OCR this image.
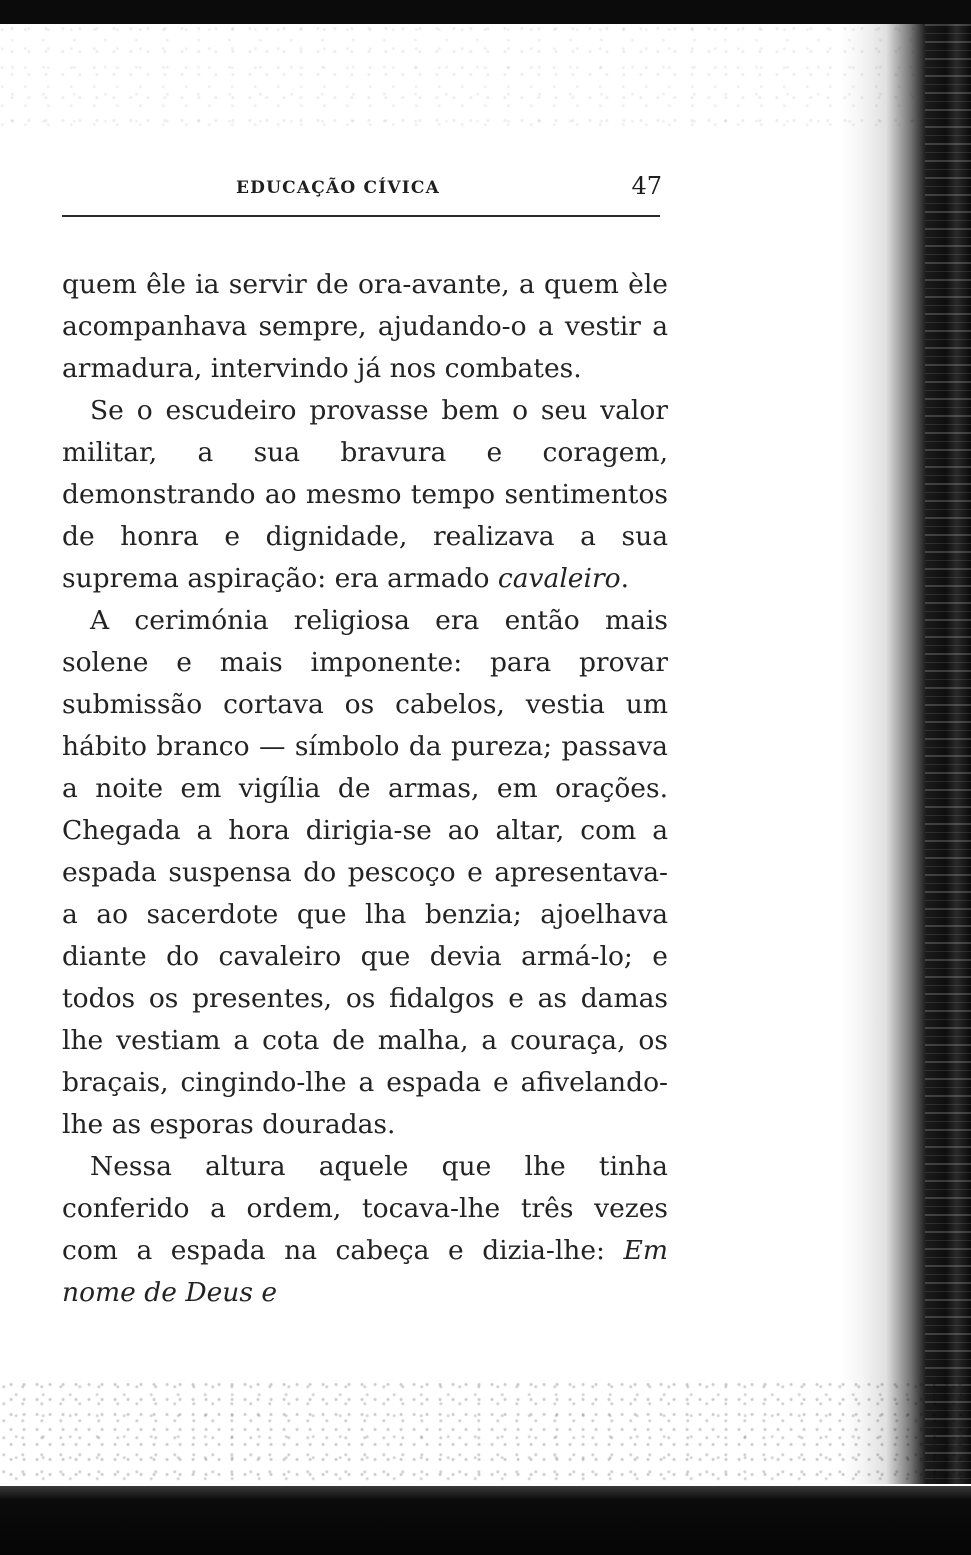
EDUCAÇÃO CÍVICA	47

quem êle ia servir de ora-avante, a quem èle acompanhava sempre, ajudando-o a vestir a armadura, intervindo já nos combates.

Se o escudeiro provasse bem o seu valor militar, a sua bravura e coragem, demonstrando ao mesmo tempo sentimentos de honra e dignidade, realizava a sua suprema aspiração: era armado cavaleiro.

A cerimónia religiosa era então mais solene e mais imponente: para provar submissão cortava os cabelos, vestia um hábito branco — símbolo da pureza; passava a noite em vigília de armas, em orações. Chegada a hora dirigia-se ao altar, com a espada suspensa do pescoço e apresentava-a ao sacerdote que lha benzia; ajoelhava diante do cavaleiro que devia armá-lo; e todos os presentes, os fidalgos e as damas lhe vestiam a cota de malha, a couraça, os braçais, cingindo-lhe a espada e afivelando-lhe as esporas douradas.

Nessa altura aquele que lhe tinha conferido a ordem, tocava-lhe três vezes com a espada na cabeça e dizia-lhe: Em nome de Deus e
